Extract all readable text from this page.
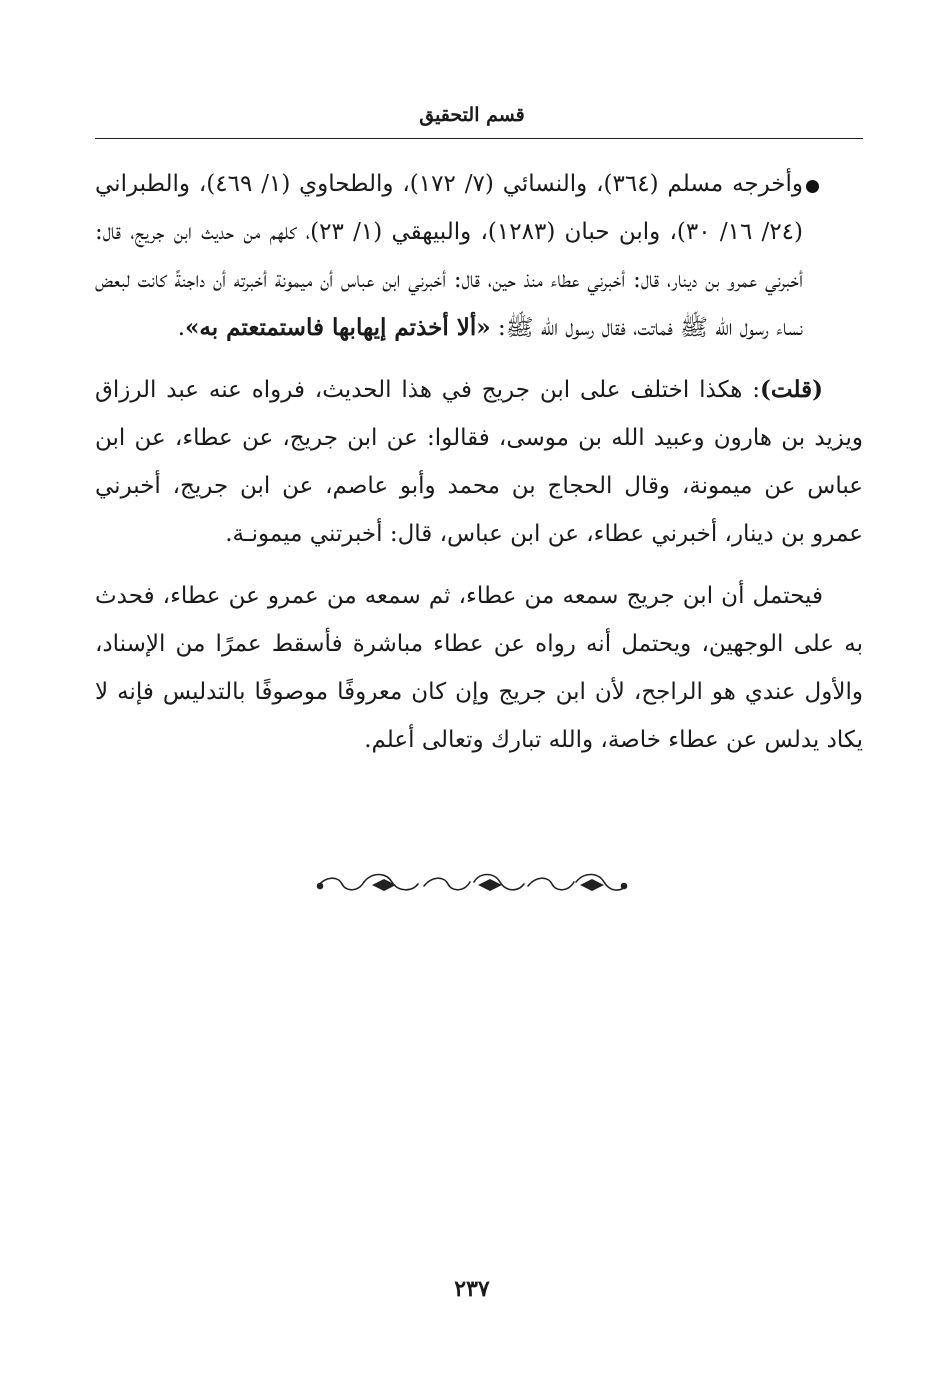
قسم التحقيق

وأخرجه مسلم (٣٦٤)، والنسائي (٧/ ١٧٢)، والطحاوي (١/ ٤٦٩)، والطبراني (٢٤/ ١٦/ ٣٠)، وابن حبان (١٢٨٣)، والبيهقي (١/ ٢٣)، كلهم من حديث ابن جريج، قال: أخبرني عمرو بن دينار، قال: أخبرني عطاء منذ حين، قال: أخبرني ابن عباس أن ميمونة أخبرته أن داجنةً كانت لبعض نساء رسول الله ﷺ فماتت، فقال رسول الله ﷺ: «ألا أخذتم إيهابها فاستمتعتم به».

(قلت): هكذا اختلف على ابن جريج في هذا الحديث، فرواه عنه عبد الرزاق ويزيد بن هارون وعبيد الله بن موسى، فقالوا: عن ابن جريج، عن عطاء، عن ابن عباس عن ميمونة، وقال الحجاج بن محمد وأبو عاصم، عن ابن جريج، أخبرني عمرو بن دينار، أخبرني عطاء، عن ابن عباس، قال: أخبرتني ميمونـة.

فيحتمل أن ابن جريج سمعه من عطاء، ثم سمعه من عمرو عن عطاء، فحدث به على الوجهين، ويحتمل أنه رواه عن عطاء مباشرة فأسقط عمرًا من الإسناد، والأول عندي هو الراجح، لأن ابن جريج وإن كان معروفًا موصوفًا بالتدليس فإنه لا يكاد يدلس عن عطاء خاصة، والله تبارك وتعالى أعلم.

٢٣٧
